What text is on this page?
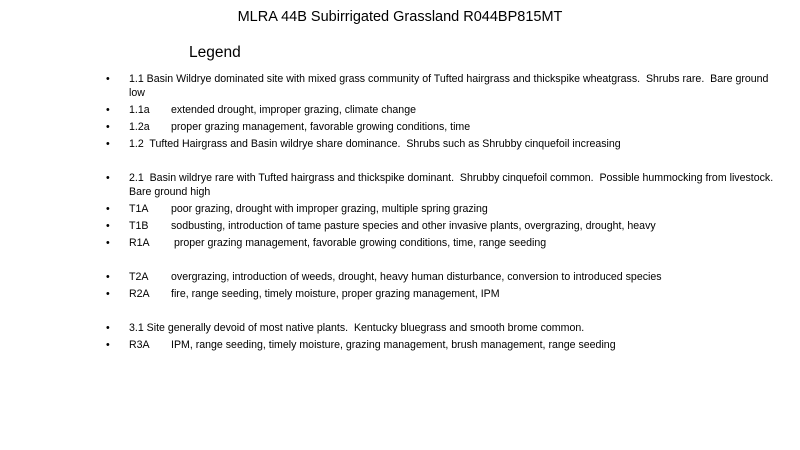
MLRA 44B Subirrigated Grassland R044BP815MT
Legend
•	1.1 Basin Wildrye dominated site with mixed grass community of Tufted hairgrass and thickspike wheatgrass.  Shrubs rare.  Bare ground low
•	1.1a extended drought, improper grazing, climate change
•	1.2a proper grazing management, favorable growing conditions, time
•	1.2  Tufted Hairgrass and Basin wildrye share dominance.  Shrubs such as Shrubby cinquefoil increasing
•	2.1  Basin wildrye rare with Tufted hairgrass and thickspike dominant.  Shrubby cinquefoil common.  Possible hummocking from livestock.  Bare ground high
•	T1A poor grazing, drought with improper grazing, multiple spring grazing
•	T1B sodbusting, introduction of tame pasture species and other invasive plants, overgrazing, drought, heavy
•	R1A proper grazing management, favorable growing conditions, time, range seeding
•	T2A overgrazing, introduction of weeds, drought, heavy human disturbance, conversion to introduced species
•	R2A fire, range seeding, timely moisture, proper grazing management, IPM
•	3.1 Site generally devoid of most native plants.  Kentucky bluegrass and smooth brome common.
•	R3A IPM, range seeding, timely moisture, grazing management, brush management, range seeding
